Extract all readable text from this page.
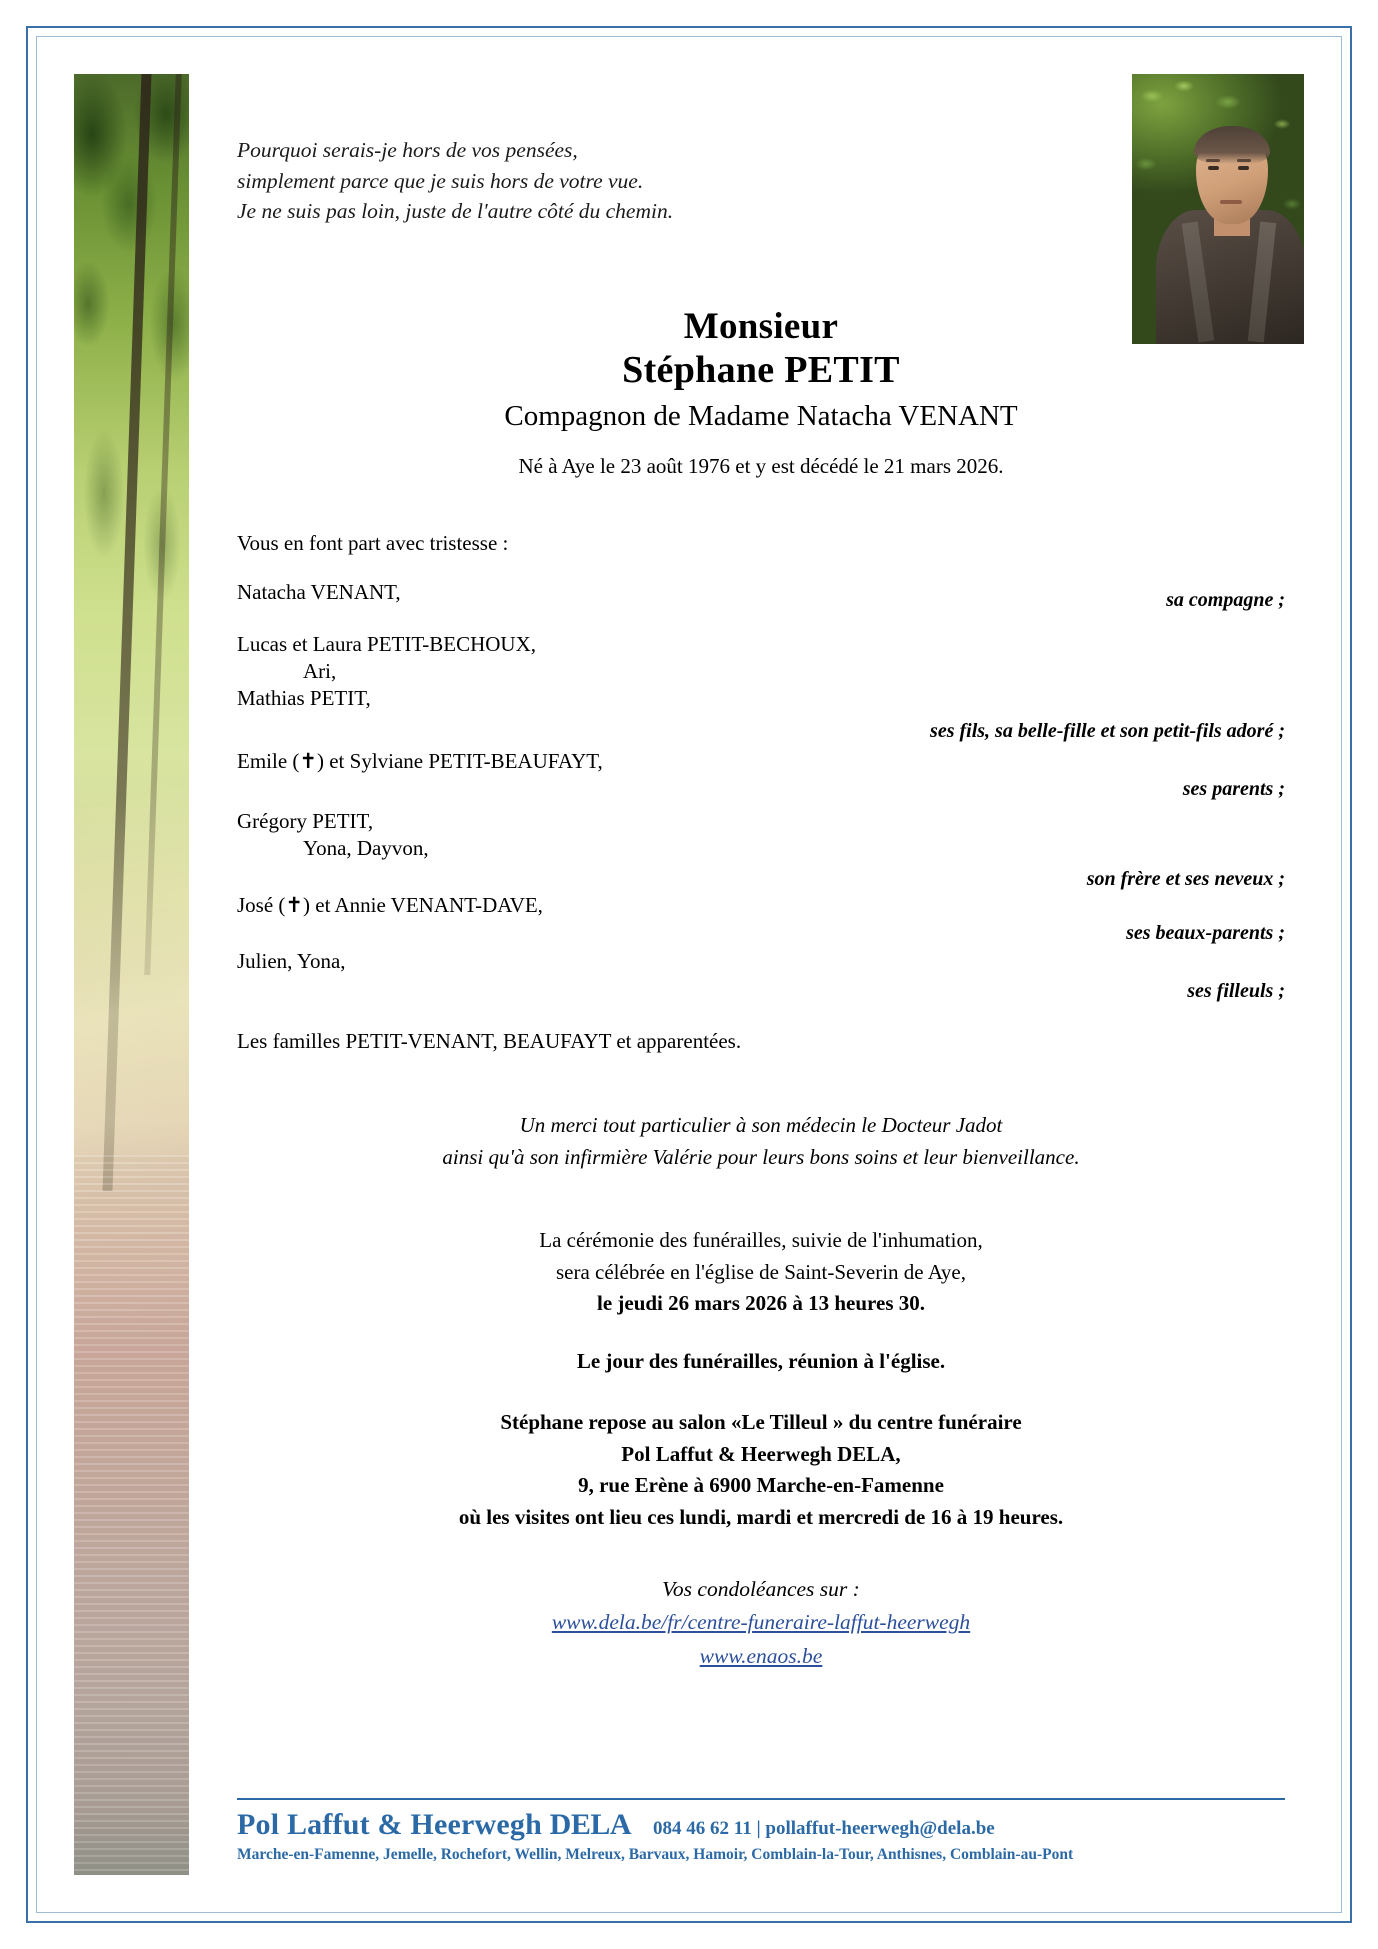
Pourquoi serais-je hors de vos pensées,
simplement parce que je suis hors de votre vue.
Je ne suis pas loin, juste de l'autre côté du chemin.
Monsieur
Stéphane PETIT
Compagnon de Madame Natacha VENANT
Né à Aye le 23 août 1976 et y est décédé le 21 mars 2026.
Vous en font part avec tristesse :
Natacha VENANT,	sa compagne ;
Lucas et Laura PETIT-BECHOUX,
Ari,
Mathias PETIT,
ses fils, sa belle-fille et son petit-fils adoré ;
Emile (✝) et Sylviane PETIT-BEAUFAYT,
ses parents ;
Grégory PETIT,
Yona, Dayvon,
son frère et ses neveux ;
José (✝) et Annie VENANT-DAVE,
ses beaux-parents ;
Julien, Yona,
ses filleuls ;
Les familles PETIT-VENANT, BEAUFAYT et apparentées.
Un merci tout particulier à son médecin le Docteur Jadot
ainsi qu'à son infirmière Valérie pour leurs bons soins et leur bienveillance.
La cérémonie des funérailles, suivie de l'inhumation,
sera célébrée en l'église de Saint-Severin de Aye,
le jeudi 26 mars 2026 à 13 heures 30.
Le jour des funérailles, réunion à l'église.
Stéphane repose au salon «Le Tilleul » du centre funéraire
Pol Laffut & Heerwegh DELA,
9, rue Erène à 6900 Marche-en-Famenne
où les visites ont lieu ces lundi, mardi et mercredi de 16 à 19 heures.
Vos condoléances sur :
www.dela.be/fr/centre-funeraire-laffut-heerwegh
www.enaos.be
Pol Laffut & Heerwegh DELA 084 46 62 11 | pollaffut-heerwegh@dela.be
Marche-en-Famenne, Jemelle, Rochefort, Wellin, Melreux, Barvaux, Hamoir, Comblain-la-Tour, Anthisnes, Comblain-au-Pont
